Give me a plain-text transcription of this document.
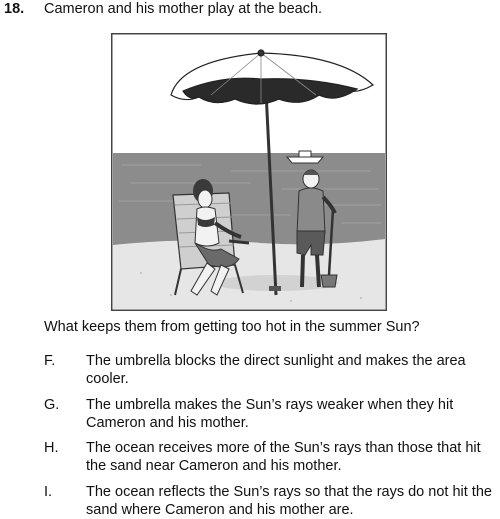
18. Cameron and his mother play at the beach.
What keeps them from getting too hot in the summer Sun?
F. The umbrella blocks the direct sunlight and makes the area cooler.
G. The umbrella makes the Sun’s rays weaker when they hit Cameron and his mother.
H. The ocean receives more of the Sun’s rays than those that hit the sand near Cameron and his mother.
I. The ocean reflects the Sun’s rays so that the rays do not hit the sand where Cameron and his mother are.
